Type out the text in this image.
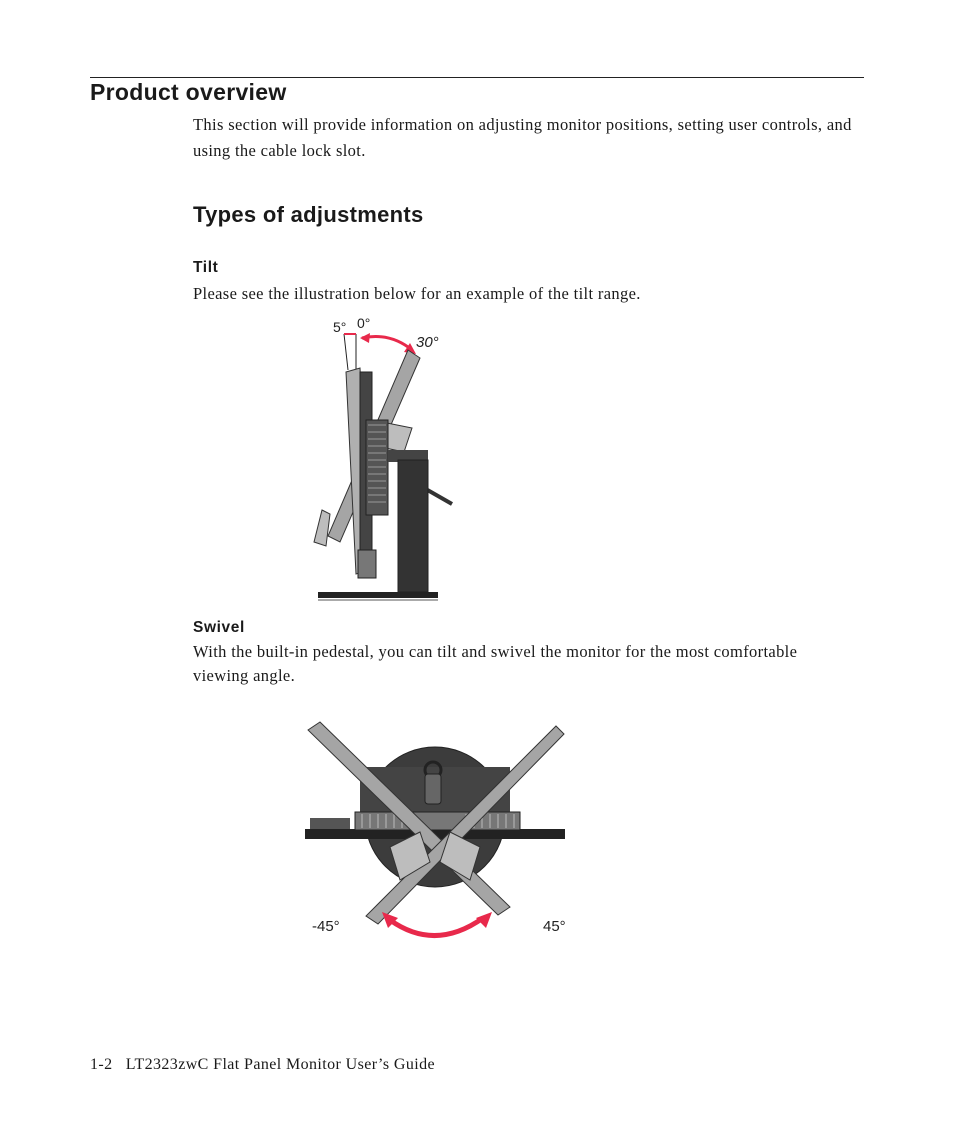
Product overview

This section will provide information on adjusting monitor positions, setting user controls, and using the cable lock slot.

Types of adjustments
Tilt

Please see the illustration below for an example of the tilt range.

5° 0°
30°
Swivel

With the built-in pedestal, you can tilt and swivel the monitor for the most comfortable viewing angle.

-45°	45°

1-2 LT2323zwC Flat Panel Monitor User’s Guide
